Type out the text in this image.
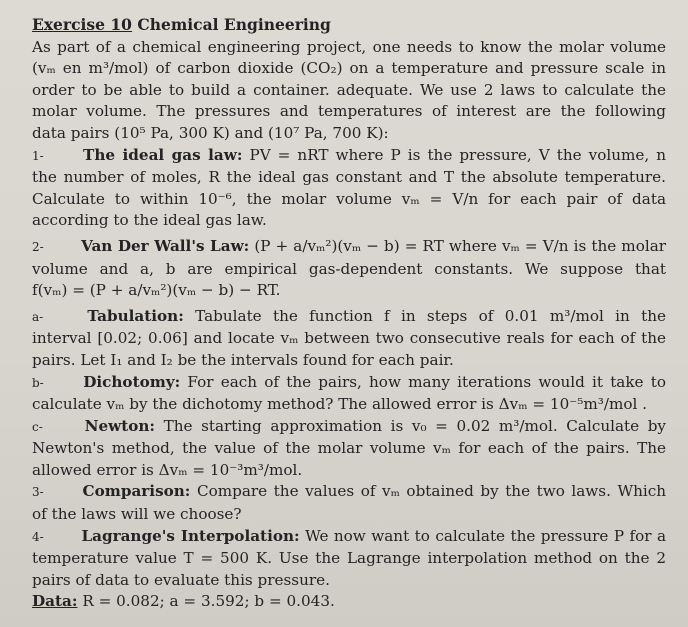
Exercise 10 Chemical Engineering
As part of a chemical engineering project, one needs to know the molar volume
(vₘ en m³/mol) of carbon dioxide (CO₂) on a temperature and pressure scale in
order to be able to build a container. adequate. We use 2 laws to calculate the
molar volume. The pressures and temperatures of interest are the following
data pairs (10⁵ Pa, 300 K) and (10⁷ Pa, 700 K):
1-	The ideal gas law: PV = nRT where P is the pressure, V the volume, n
the number of moles, R the ideal gas constant and T the absolute temperature.
Calculate to within 10⁻⁶, the molar volume vₘ = V/n for each pair of data
according to the ideal gas law.
2- Van Der Wall's Law: (P + a/vₘ²)(vₘ − b) = RT where vₘ = V/n is the molar
volume and a, b are empirical gas-dependent constants. We suppose that
f(vₘ) = (P + a/vₘ²)(vₘ − b) − RT.
a-	Tabulation: Tabulate the function f in steps of 0.01 m³/mol in the
interval [0.02; 0.06] and locate vₘ between two consecutive reals for each of the
pairs. Let I₁ and I₂ be the intervals found for each pair.
b-	Dichotomy: For each of the pairs, how many iterations would it take to
calculate vₘ by the dichotomy method? The allowed error is Δvₘ = 10⁻⁵m³/mol .
c-	Newton: The starting approximation is v₀ = 0.02 m³/mol. Calculate by
Newton's method, the value of the molar volume vₘ for each of the pairs. The
allowed error is Δvₘ = 10⁻³m³/mol.
3-	Comparison: Compare the values of vₘ obtained by the two laws. Which
of the laws will we choose?
4- Lagrange's Interpolation: We now want to calculate the pressure P for a
temperature value T = 500 K. Use the Lagrange interpolation method on the 2
pairs of data to evaluate this pressure.
Data: R = 0.082; a = 3.592; b = 0.043.
